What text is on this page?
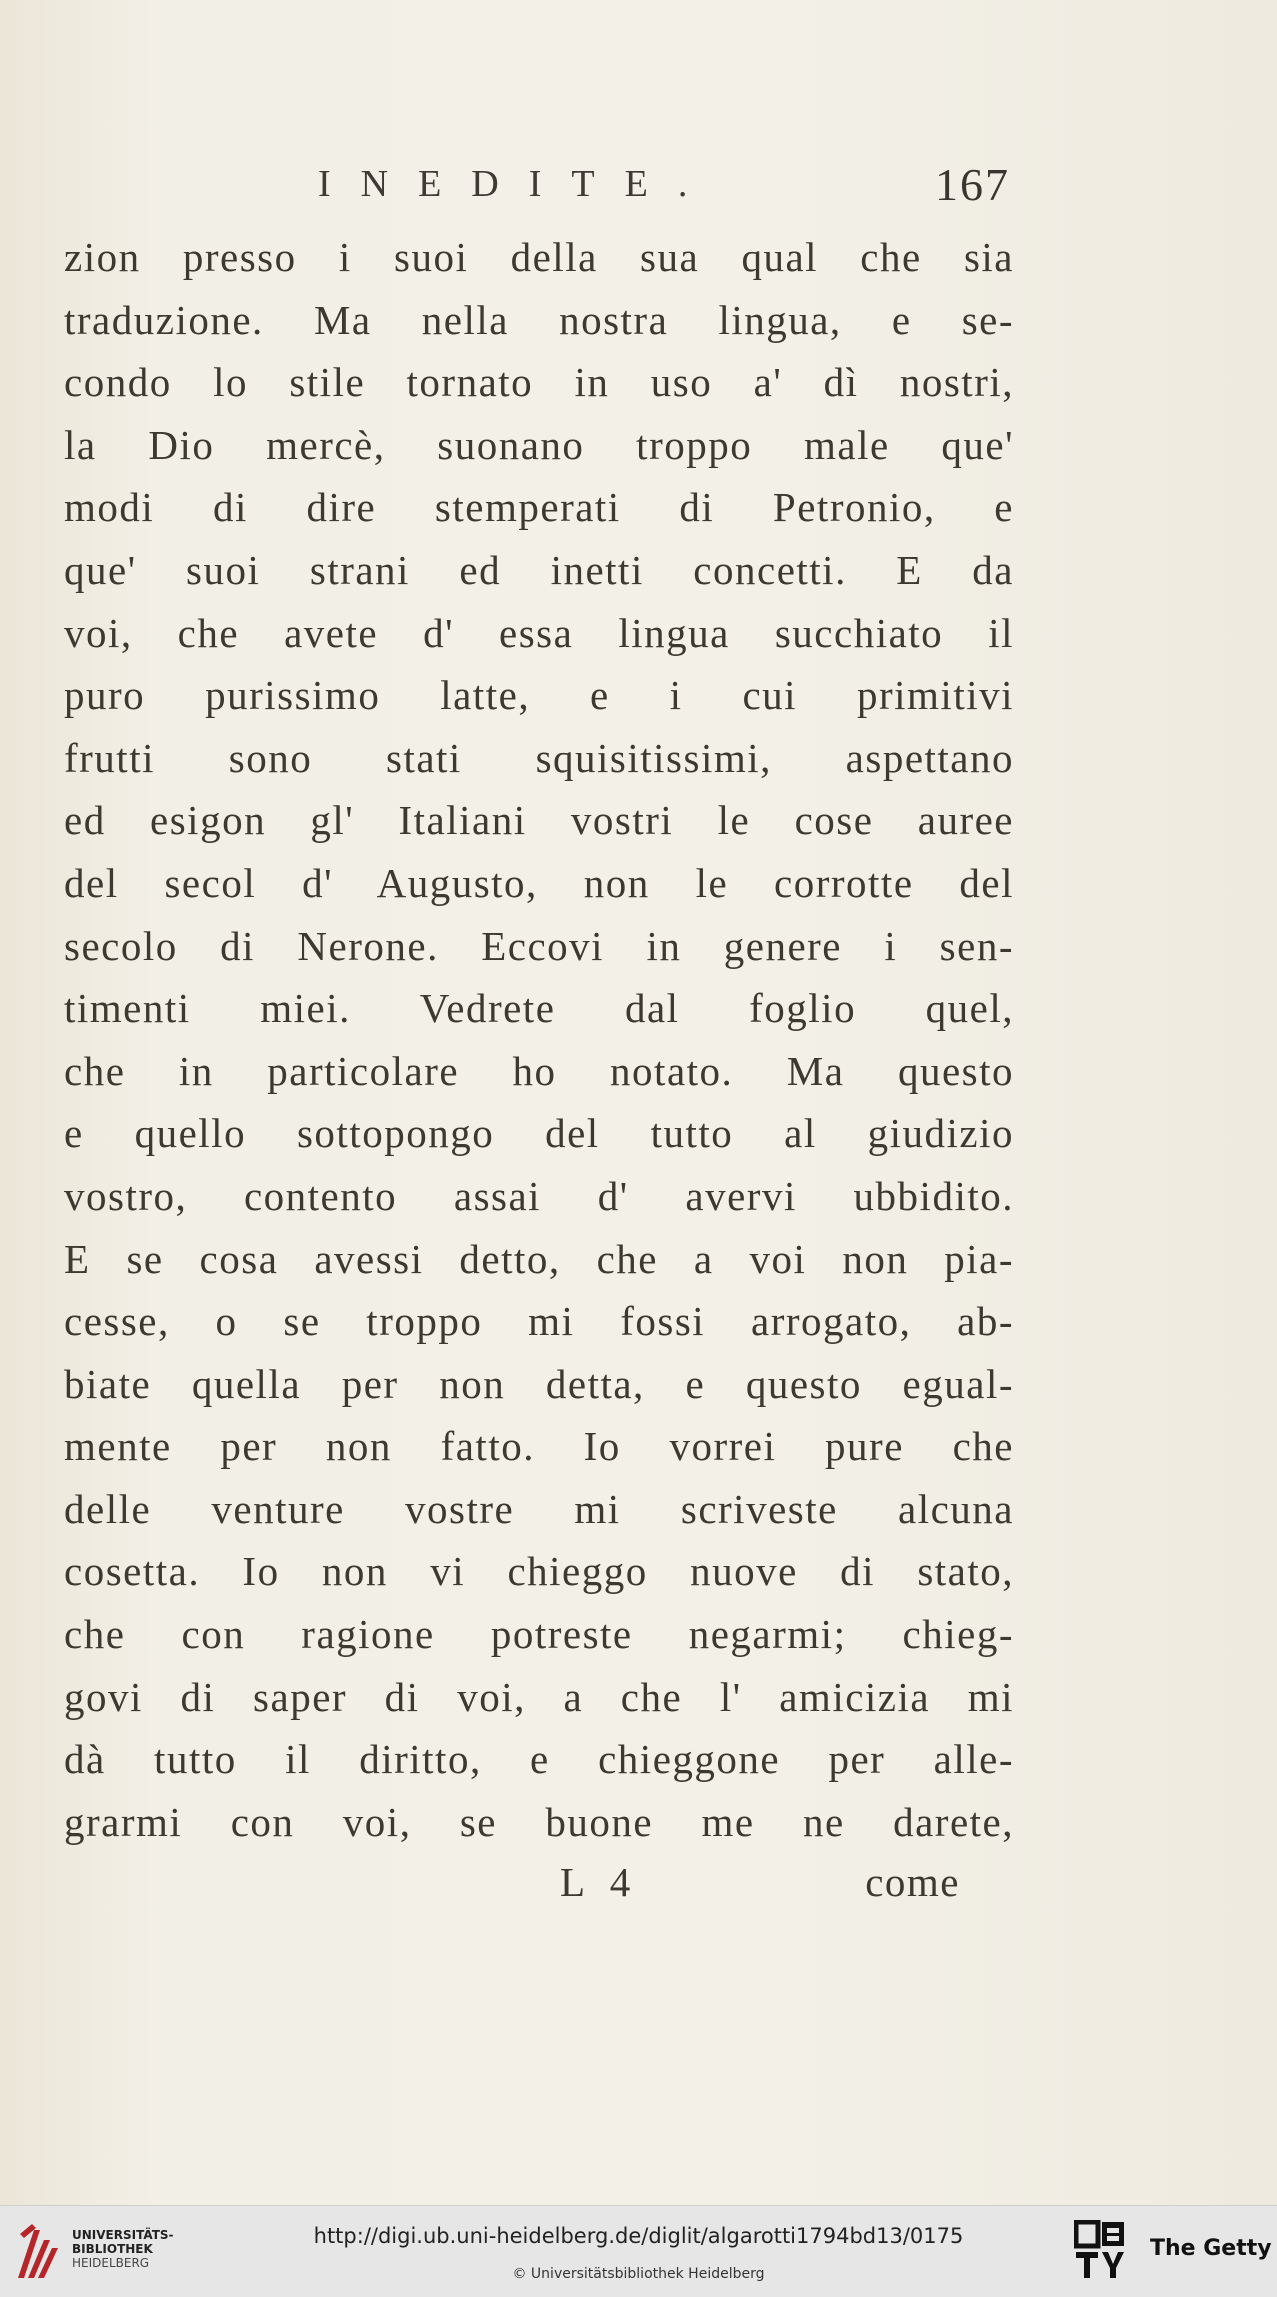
INEDITE.	167
zion presso i suoi della sua qual che sia
traduzione. Ma nella nostra lingua, e se-
condo lo stile tornato in uso a' dì nostri,
la Dio mercè, suonano troppo male que'
modi di dire stemperati di Petronio, e
que' suoi strani ed inetti concetti. E da
voi, che avete d' essa lingua succhiato il
puro purissimo latte, e i cui primitivi
frutti sono stati squisitissimi, aspettano
ed esigon gl' Italiani vostri le cose auree
del secol d' Augusto, non le corrotte del
secolo di Nerone. Eccovi in genere i sen-
timenti miei. Vedrete dal foglio quel,
che in particolare ho notato. Ma questo
e quello sottopongo del tutto al giudizio
vostro, contento assai d' avervi ubbidito.
E se cosa avessi detto, che a voi non pia-
cesse, o se troppo mi fossi arrogato, ab-
biate quella per non detta, e questo egual-
mente per non fatto. Io vorrei pure che
delle venture vostre mi scriveste alcuna
cosetta. Io non vi chieggo nuove di stato,
che con ragione potreste negarmi; chieg-
govi di saper di voi, a che l' amicizia mi
dà tutto il diritto, e chieggone per alle-
grarmi con voi, se buone me ne darete,
L 4	come
UNIVERSITÄTS-
BIBLIOTHEK
HEIDELBERG
http://digi.ub.uni-heidelberg.de/diglit/algarotti1794bd13/0175
© Universitätsbibliothek Heidelberg
The Getty
